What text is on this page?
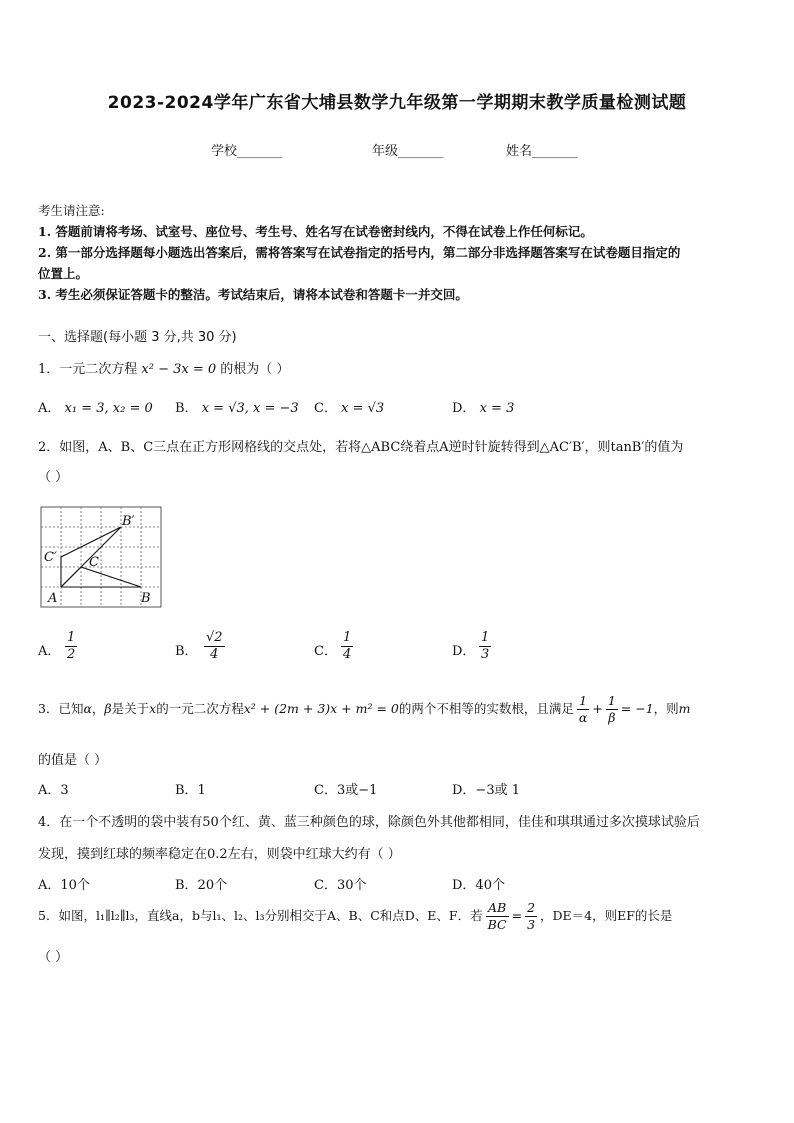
2023-2024学年广东省大埔县数学九年级第一学期期末教学质量检测试题
学校_______	年级_______	姓名_______
考生请注意:
1. 答题前请将考场、试室号、座位号、考生号、姓名写在试卷密封线内，不得在试卷上作任何标记。
2. 第一部分选择题每小题选出答案后，需将答案写在试卷指定的括号内，第二部分非选择题答案写在试卷题目指定的
位置上。
3. 考生必须保证答题卡的整洁。考试结束后，请将本试卷和答题卡一并交回。
一、选择题(每小题 3 分,共 30 分)
1．一元二次方程 x² − 3x = 0 的根为（ ）
A． x₁ = 3, x₂ = 0 B． x = √3, x = −3 C． x = √3	D． x = 3
2．如图，A、B、C三点在正方形网格线的交点处，若将△ABC绕着点A逆时针旋转得到△AC′B′，则tanB′的值为
（ ）
B′
C′ C
A	B
A． $\frac{1}{2}$	B． $\frac{√2}{4}$	C． $\frac{1}{4}$	D． $\frac{1}{3}$
3．已知α，β是关于x的一元二次方程x² + (2m + 3)x + m² = 0的两个不相等的实数根，且满足 $\frac{1}{\alpha} + \frac{1}{\beta} = -1$，则m
的值是（ ）
A．3	B．1	C．3或−1	D．−3或 1
4．在一个不透明的袋中装有50个红、黄、蓝三种颜色的球，除颜色外其他都相同，佳佳和琪琪通过多次摸球试验后
发现，摸到红球的频率稳定在0.2左右，则袋中红球大约有（ ）
A．10个	B．20个	C．30个	D．40个
5．如图，l₁∥l₂∥l₃，直线a，b与l₁、l₂、l₃分别相交于A、B、C和点D、E、F．若 $\frac{AB}{BC} = \frac{2}{3}$ ，DE＝4，则EF的长是
（ ）
